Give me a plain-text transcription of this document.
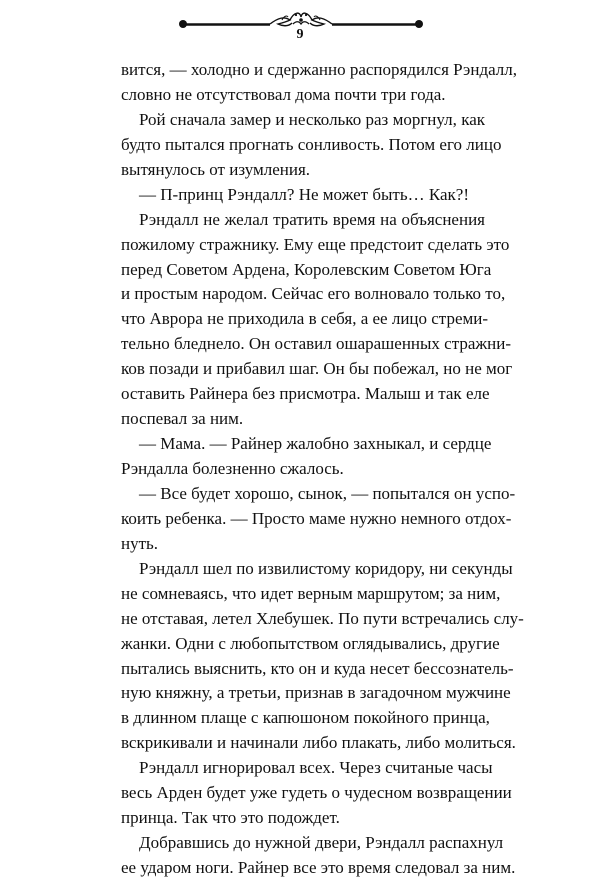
9
вится, — холодно и сдержанно распорядился Рэндалл,
словно не отсутствовал дома почти три года.
Рой сначала замер и несколько раз моргнул, как
будто пытался прогнать сонливость. Потом его лицо
вытянулось от изумления.
— П-принц Рэндалл? Не может быть… Как?!
Рэндалл не желал тратить время на объяснения
пожилому стражнику. Ему еще предстоит сделать это
перед Советом Ардена, Королевским Советом Юга
и простым народом. Сейчас его волновало только то,
что Аврора не приходила в себя, а ее лицо стреми-
тельно бледнело. Он оставил ошарашенных стражни-
ков позади и прибавил шаг. Он бы побежал, но не мог
оставить Райнера без присмотра. Малыш и так еле
поспевал за ним.
— Мама. — Райнер жалобно захныкал, и сердце
Рэндалла болезненно сжалось.
— Все будет хорошо, сынок, — попытался он успо-
коить ребенка. — Просто маме нужно немного отдох-
нуть.
Рэндалл шел по извилистому коридору, ни секунды
не сомневаясь, что идет верным маршрутом; за ним,
не отставая, летел Хлебушек. По пути встречались слу-
жанки. Одни с любопытством оглядывались, другие
пытались выяснить, кто он и куда несет бессознатель-
ную княжну, а третьи, признав в загадочном мужчине
в длинном плаще с капюшоном покойного принца,
вскрикивали и начинали либо плакать, либо молиться.
Рэндалл игнорировал всех. Через считаные часы
весь Арден будет уже гудеть о чудесном возвращении
принца. Так что это подождет.
Добравшись до нужной двери, Рэндалл распахнул
ее ударом ноги. Райнер все это время следовал за ним.
